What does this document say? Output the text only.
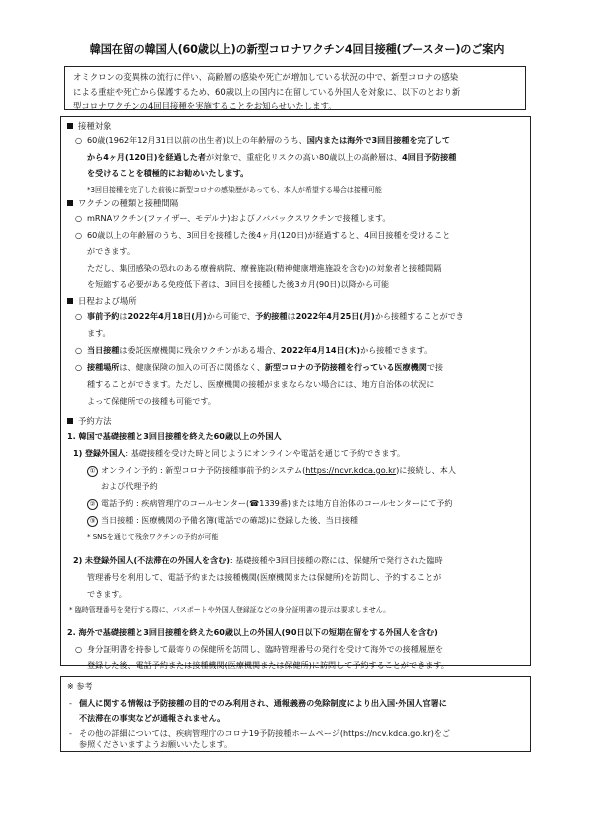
韓国在留の韓国人(60歳以上)の新型コロナワクチン4回目接種(ブースター)のご案内
オミクロンの変異株の流行に伴い、高齢層の感染や死亡が増加している状況の中で、新型コロナの感染
による重症や死亡から保護するため、60歳以上の国内に在留している外国人を対象に、以下のとおり新
型コロナワクチンの4回目接種を実施することをお知らせいたします。
接種対象
○ 60歳(1962年12月31日以前の出生者)以上の年齢層のうち、国内または海外で3回目接種を完了して
から4ヶ月(120日)を経過した者が対象で、重症化リスクの高い80歳以上の高齢層は、4回目予防接種
を受けることを積極的にお勧めいたします。
*3回目接種を完了した前後に新型コロナの感染歴があっても、本人が希望する場合は接種可能
ワクチンの種類と接種間隔
○ mRNAワクチン(ファイザー、モデルナ)およびノババックスワクチンで接種します。
○ 60歳以上の年齢層のうち、3回目を接種した後4ヶ月(120日)が経過すると、4回目接種を受けること
ができます。
ただし、集団感染の恐れのある療養病院、療養施設(精神健康増進施設を含む)の対象者と接種間隔
を短縮する必要がある免疫低下者は、3回目を接種した後3カ月(90日)以降から可能
日程および場所
○ 事前予約は2022年4月18日(月)から可能で、予約接種は2022年4月25日(月)から接種することができ
ます。
○ 当日接種は委託医療機関に残余ワクチンがある場合、2022年4月14日(木)から接種できます。
○ 接種場所は、健康保険の加入の可否に関係なく、新型コロナの予防接種を行っている医療機関で接
種することができます。ただし、医療機関の接種がままならない場合には、地方自治体の状況に
よって保健所での接種も可能です。
予約方法
1. 韓国で基礎接種と3回目接種を終えた60歳以上の外国人
1) 登録外国人: 基礎接種を受けた時と同じようにオンラインや電話を通じて予約できます。
① オンライン予約 : 新型コロナ予防接種事前予約システム(https://ncvr.kdca.go.kr)に接続し、本人
および代理予約
② 電話予約 : 疾病管理庁のコールセンター(☎1339番)または地方自治体のコールセンターにて予約
③ 当日接種 : 医療機関の予備名簿(電話での確認)に登録した後、当日接種
* SNSを通じて残余ワクチンの予約が可能
2) 未登録外国人(不法滞在の外国人を含む): 基礎接種や3回目接種の際には、保健所で発行された臨時
管理番号を利用して、電話予約または接種機関(医療機関または保健所)を訪問し、予約することが
できます。
* 臨時管理番号を発行する際に、パスポートや外国人登録証などの身分証明書の提示は要求しません。
2. 海外で基礎接種と3回目接種を終えた60歳以上の外国人(90日以下の短期在留をする外国人を含む)
○ 身分証明書を持参して最寄りの保健所を訪問し、臨時管理番号の発行を受けて海外での接種履歴を
登録した後、電話予約または接種機関(医療機関または保健所)に訪問して予約することができます。
※ 参考
- 個人に関する情報は予防接種の目的でのみ利用され、通報義務の免除制度により出入国·外国人官署に
不法滞在の事実などが通報されません。
- その他の詳細については、疾病管理庁のコロナ19予防接種ホームページ(https://ncv.kdca.go.kr)をご
参照くださいますようお願いいたします。
